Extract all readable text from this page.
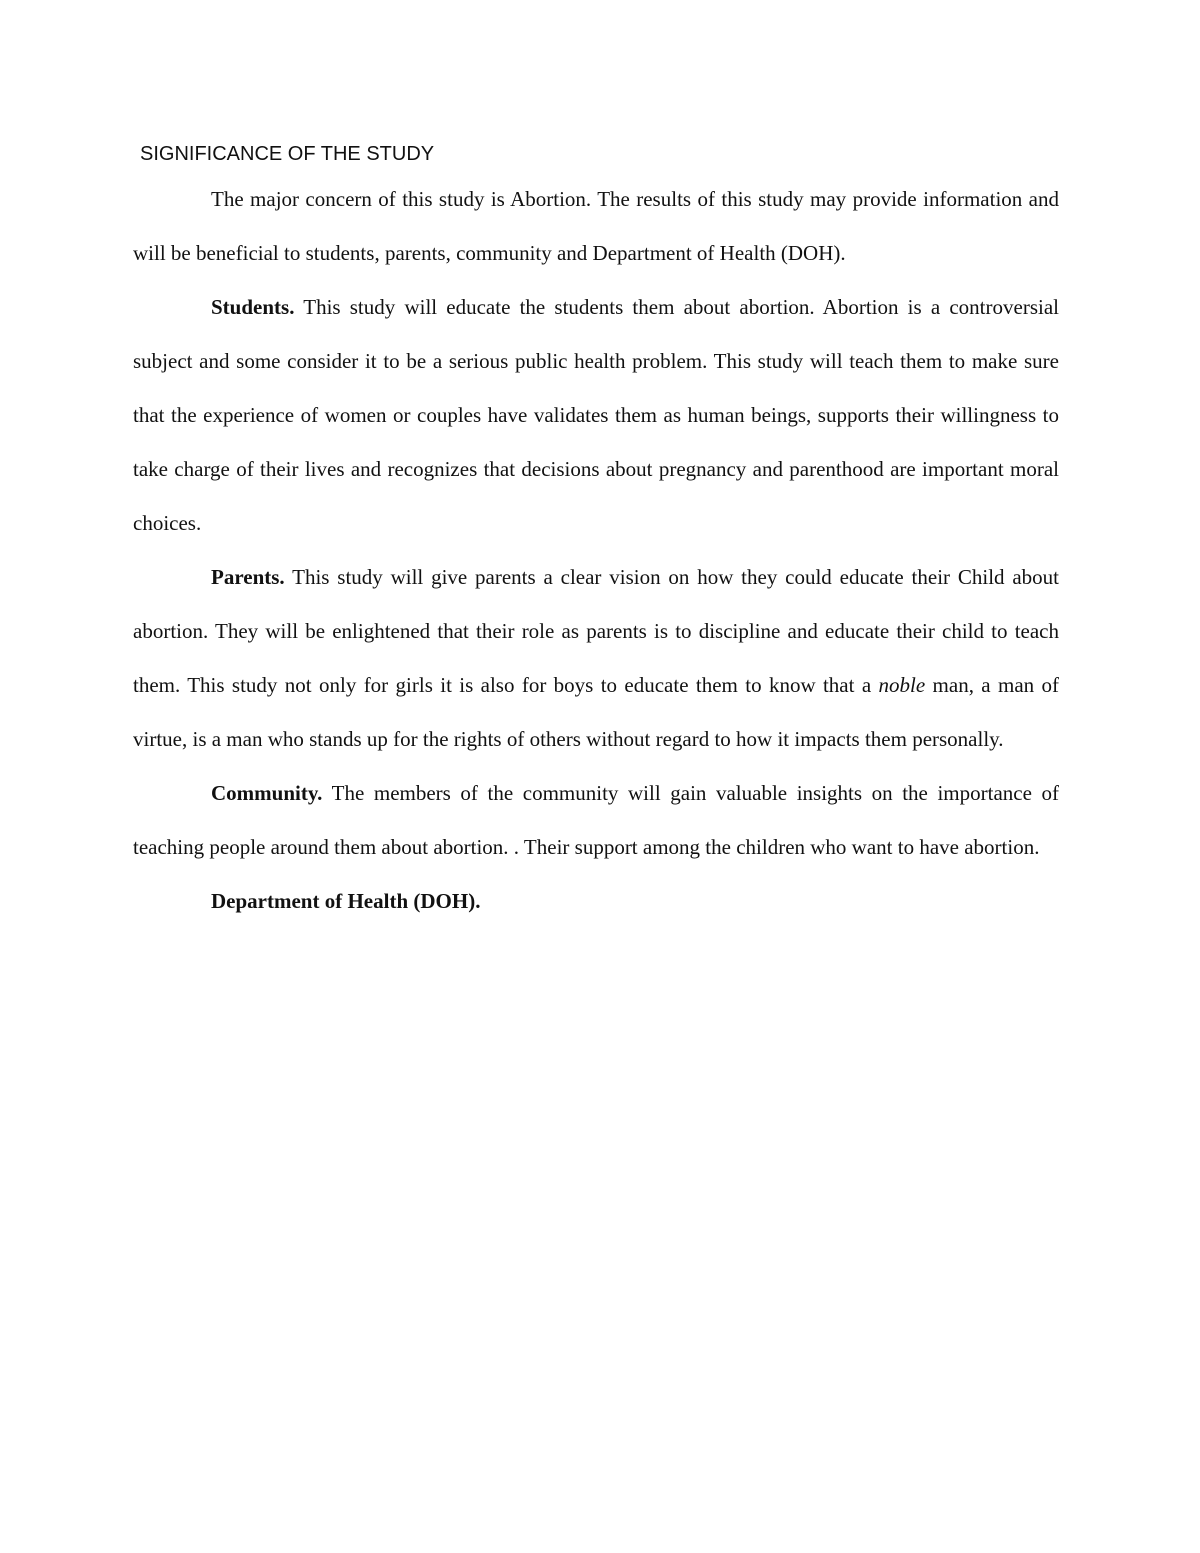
SIGNIFICANCE OF THE STUDY

The major concern of this study is Abortion. The results of this study may provide information and will be beneficial to students, parents, community and Department of Health (DOH).

Students. This study will educate the students them about abortion. Abortion is a controversial subject and some consider it to be a serious public health problem. This study will teach them to make sure that the experience of women or couples have validates them as human beings, supports their willingness to take charge of their lives and recognizes that decisions about pregnancy and parenthood are important moral choices.

Parents. This study will give parents a clear vision on how they could educate their Child about abortion. They will be enlightened that their role as parents is to discipline and educate their child to teach them. This study not only for girls it is also for boys to educate them to know that a noble man, a man of virtue, is a man who stands up for the rights of others without regard to how it impacts them personally.

Community. The members of the community will gain valuable insights on the importance of teaching people around them about abortion. . Their support among the children who want to have abortion.

Department of Health (DOH).
